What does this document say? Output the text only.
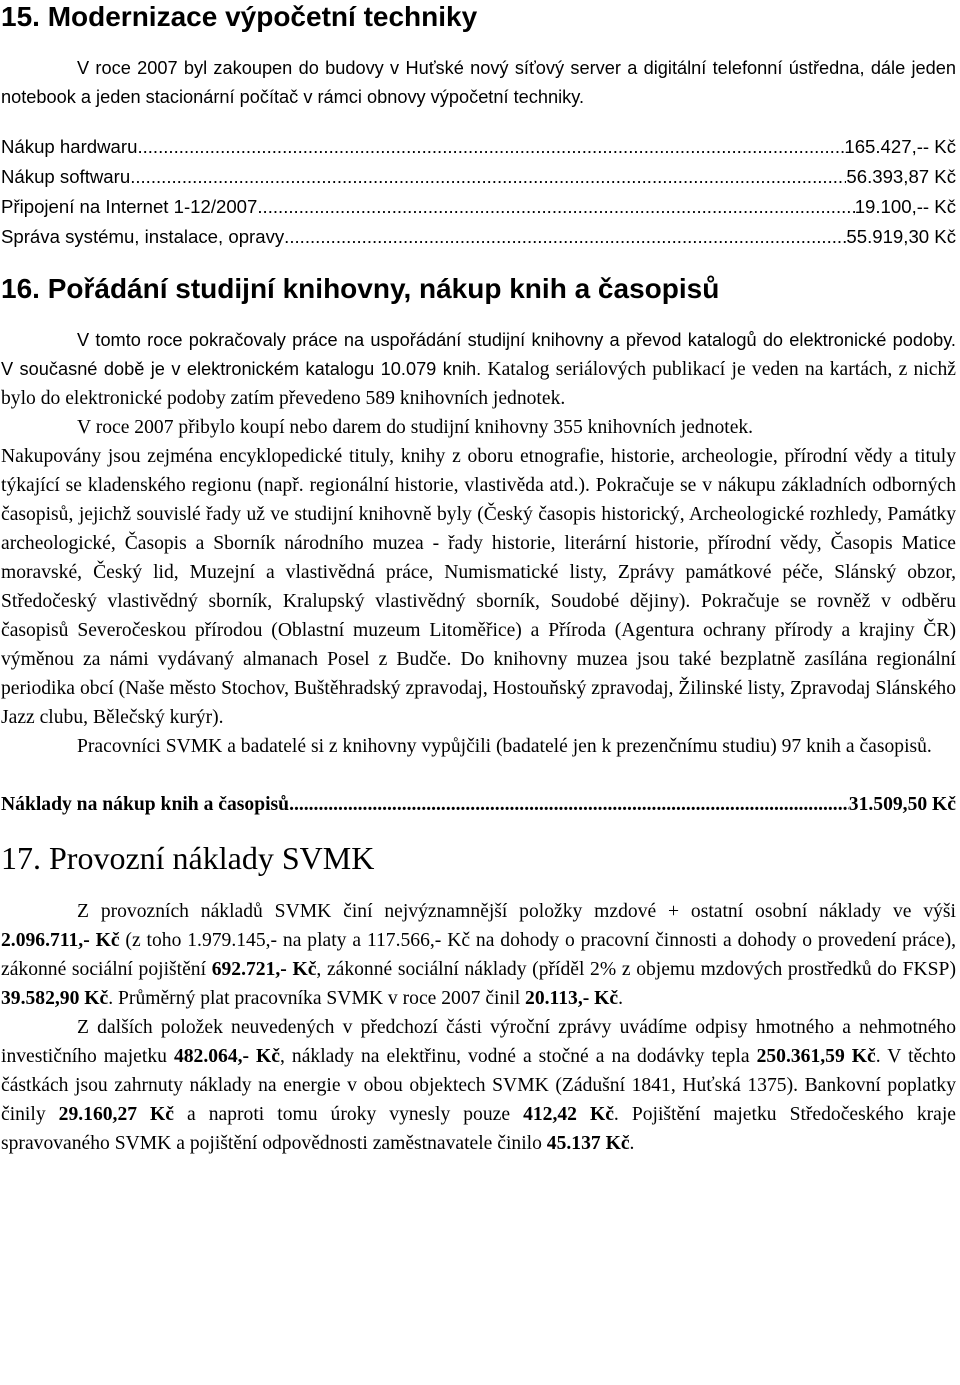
15. Modernizace výpočetní techniky

V roce 2007 byl zakoupen do budovy v Huťské nový síťový server a digitální telefonní ústředna, dále jeden notebook a jeden stacionární počítač v rámci obnovy výpočetní techniky.

Nákup hardwaru .....	165.427,-- Kč
Nákup softwaru .....	56.393,87 Kč
Připojení na Internet 1-12/2007 .....	19.100,-- Kč
Správa systému, instalace, opravy .....	55.919,30 Kč
16. Pořádání studijní knihovny, nákup knih a časopisů

V tomto roce pokračovaly práce na uspořádání studijní knihovny a převod katalogů do elektronické podoby. V současné době je v elektronickém katalogu 10.079 knih. Katalog seriálových publikací je veden na kartách, z nichž bylo do elektronické podoby zatím převedeno 589 knihovních jednotek.

V roce 2007 přibylo koupí nebo darem do studijní knihovny 355 knihovních jednotek.

Nakupovány jsou zejména encyklopedické tituly, knihy z oboru etnografie, historie, archeologie, přírodní vědy a tituly týkající se kladenského regionu (např. regionální historie, vlastivěda atd.). Pokračuje se v nákupu základních odborných časopisů, jejichž souvislé řady už ve studijní knihovně byly (Český časopis historický, Archeologické rozhledy, Památky archeologické, Časopis a Sborník národního muzea - řady historie, literární historie, přírodní vědy, Časopis Matice moravské, Český lid, Muzejní a vlastivědná práce, Numismatické listy, Zprávy památkové péče, Slánský obzor, Středočeský vlastivědný sborník, Kralupský vlastivědný sborník, Soudobé dějiny). Pokračuje se rovněž v odběru časopisů Severočeskou přírodou (Oblastní muzeum Litoměřice) a Příroda (Agentura ochrany přírody a krajiny ČR) výměnou za námi vydávaný almanach Posel z Budče. Do knihovny muzea jsou také bezplatně zasílána regionální periodika obcí (Naše město Stochov, Buštěhradský zpravodaj, Hostouňský zpravodaj, Žilinské listy, Zpravodaj Slánského Jazz clubu, Bělečský kurýr).

Pracovníci SVMK a badatelé si z knihovny vypůjčili (badatelé jen k prezenčnímu studiu) 97 knih a časopisů.

Náklady na nákup knih a časopisů .....	31.509,50 Kč
17. Provozní náklady SVMK

Z provozních nákladů SVMK činí nejvýznamnější položky mzdové + ostatní osobní náklady ve výši 2.096.711,- Kč (z toho 1.979.145,- na platy a 117.566,- Kč na dohody o pracovní činnosti a dohody o provedení práce), zákonné sociální pojištění 692.721,- Kč, zákonné sociální náklady (příděl 2% z objemu mzdových prostředků do FKSP) 39.582,90 Kč. Průměrný plat pracovníka SVMK v roce 2007 činil 20.113,- Kč.

Z dalších položek neuvedených v předchozí části výroční zprávy uvádíme odpisy hmotného a nehmotného investičního majetku 482.064,- Kč, náklady na elektřinu, vodné a stočné a na dodávky tepla 250.361,59 Kč. V těchto částkách jsou zahrnuty náklady na energie v obou objektech SVMK (Zádušní 1841, Huťská 1375). Bankovní poplatky činily 29.160,27 Kč a naproti tomu úroky vynesly pouze 412,42 Kč. Pojištění majetku Středočeského kraje spravovaného SVMK a pojištění odpovědnosti zaměstnavatele činilo 45.137 Kč.
